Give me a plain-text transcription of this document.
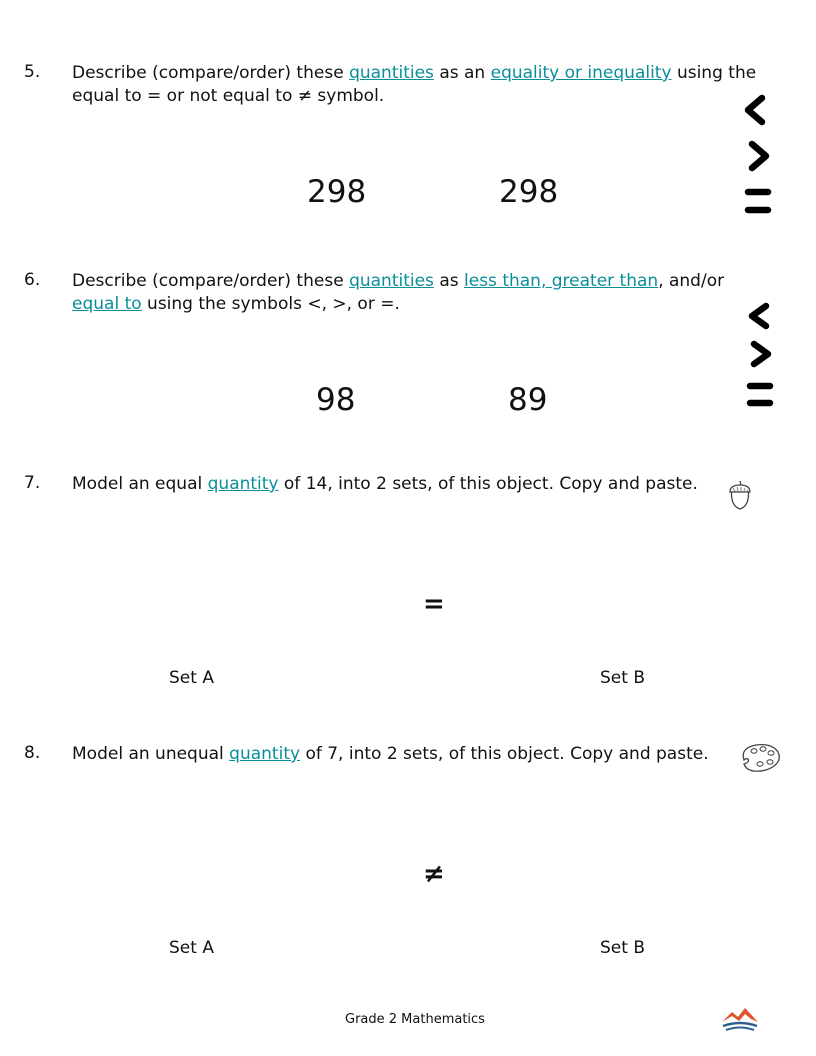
5. Describe (compare/order) these quantities as an equality or inequality using the equal to = or not equal to ≠ symbol.
298	298
6. Describe (compare/order) these quantities as less than, greater than, and/or equal to using the symbols <, >, or =.
98	89
7. Model an equal quantity of 14, into 2 sets, of this object. Copy and paste.
=
Set A	Set B
8. Model an unequal quantity of 7, into 2 sets, of this object. Copy and paste.
≠
Set A	Set B
Grade 2 Mathematics
